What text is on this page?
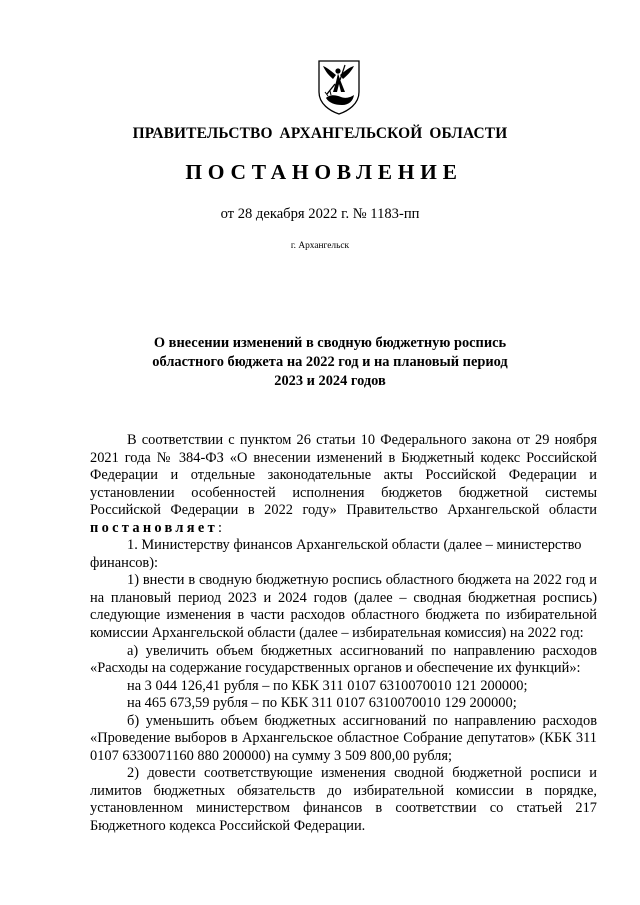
ПРАВИТЕЛЬСТВО АРХАНГЕЛЬСКОЙ ОБЛАСТИ
ПОСТАНОВЛЕНИЕ
от 28 декабря 2022 г. № 1183-пп
г. Архангельск
О внесении изменений в сводную бюджетную роспись
областного бюджета на 2022 год и на плановый период
2023 и 2024 годов

В соответствии с пунктом 26 статьи 10 Федерального закона от 29 ноября 2021 года № 384-ФЗ «О внесении изменений в Бюджетный кодекс Российской Федерации и отдельные законодательные акты Российской Федерации и установлении особенностей исполнения бюджетов бюджетной системы Российской Федерации в 2022 году» Правительство Архангельской области постановляет:

1. Министерству финансов Архангельской области (далее – министерство финансов):

1) внести в сводную бюджетную роспись областного бюджета на 2022 год и на плановый период 2023 и 2024 годов (далее – сводная бюджетная роспись) следующие изменения в части расходов областного бюджета по избирательной комиссии Архангельской области (далее – избирательная комиссия) на 2022 год:

а) увеличить объем бюджетных ассигнований по направлению расходов «Расходы на содержание государственных органов и обеспечение их функций»:

на 3 044 126,41 рубля – по КБК 311 0107 6310070010 121 200000;

на 465 673,59 рубля – по КБК 311 0107 6310070010 129 200000;

б) уменьшить объем бюджетных ассигнований по направлению расходов «Проведение выборов в Архангельское областное Собрание депутатов» (КБК 311 0107 6330071160 880 200000) на сумму 3 509 800,00 рубля;

2) довести соответствующие изменения сводной бюджетной росписи и лимитов бюджетных обязательств до избирательной комиссии в порядке, установленном министерством финансов в соответствии со статьей 217 Бюджетного кодекса Российской Федерации.
